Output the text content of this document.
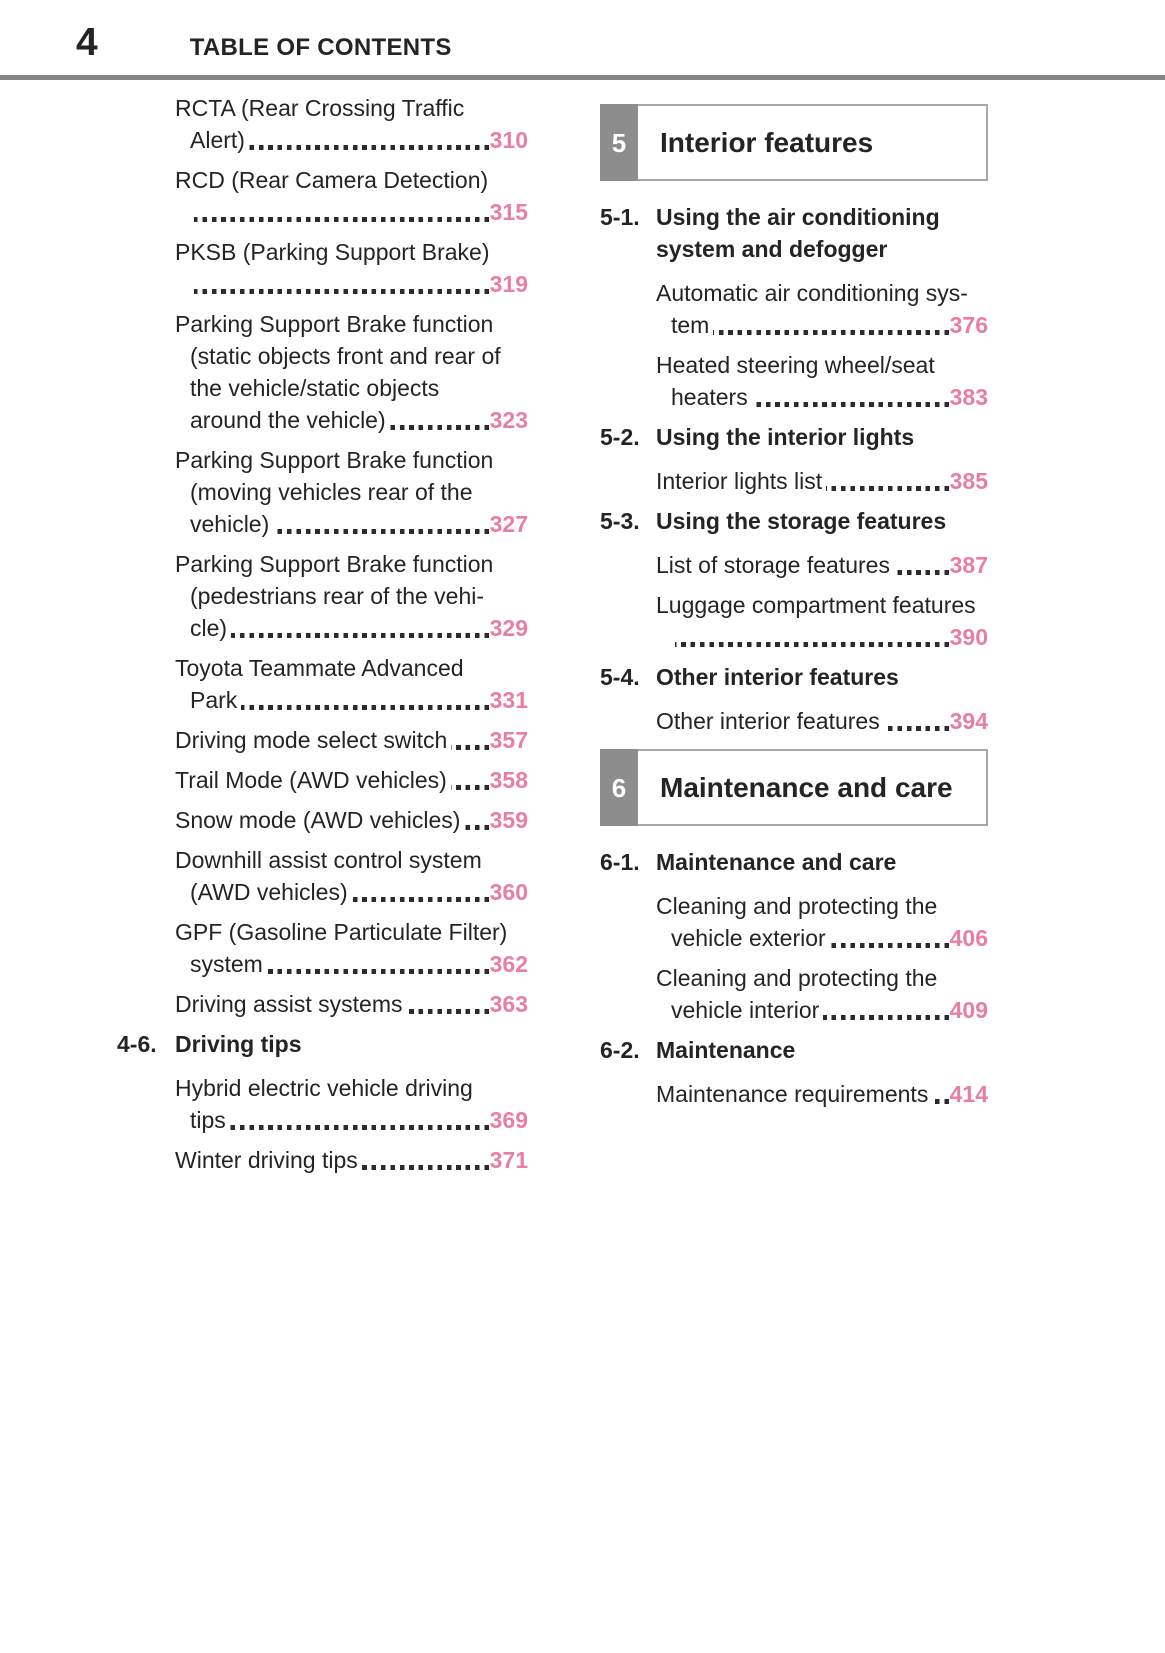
4	TABLE OF CONTENTS
RCTA (Rear Crossing Traffic
Alert)	310
RCD (Rear Camera Detection)
315
PKSB (Parking Support Brake)
319
Parking Support Brake function
(static objects front and rear of
the vehicle/static objects
around the vehicle)	323
Parking Support Brake function
(moving vehicles rear of the
vehicle)	327
Parking Support Brake function
(pedestrians rear of the vehi-
cle)	329
Toyota Teammate Advanced
Park	331
Driving mode select switch 357
Trail Mode (AWD vehicles) 358
Snow mode (AWD vehicles) 359
Downhill assist control system
(AWD vehicles)	360
GPF (Gasoline Particulate Filter)
system	362
Driving assist systems	363
4-6. Driving tips
Hybrid electric vehicle driving
tips	369
Winter driving tips	371
5	Interior features
5-1. Using the air conditioning
system and defogger
Automatic air conditioning sys-
tem	376
Heated steering wheel/seat
heaters	383
5-2. Using the interior lights
Interior lights list	385
5-3. Using the storage features
List of storage features	387
Luggage compartment features
390
5-4. Other interior features
Other interior features	394
6	Maintenance and care
6-1. Maintenance and care
Cleaning and protecting the
vehicle exterior	406
Cleaning and protecting the
vehicle interior	409
6-2. Maintenance
Maintenance requirements 414
